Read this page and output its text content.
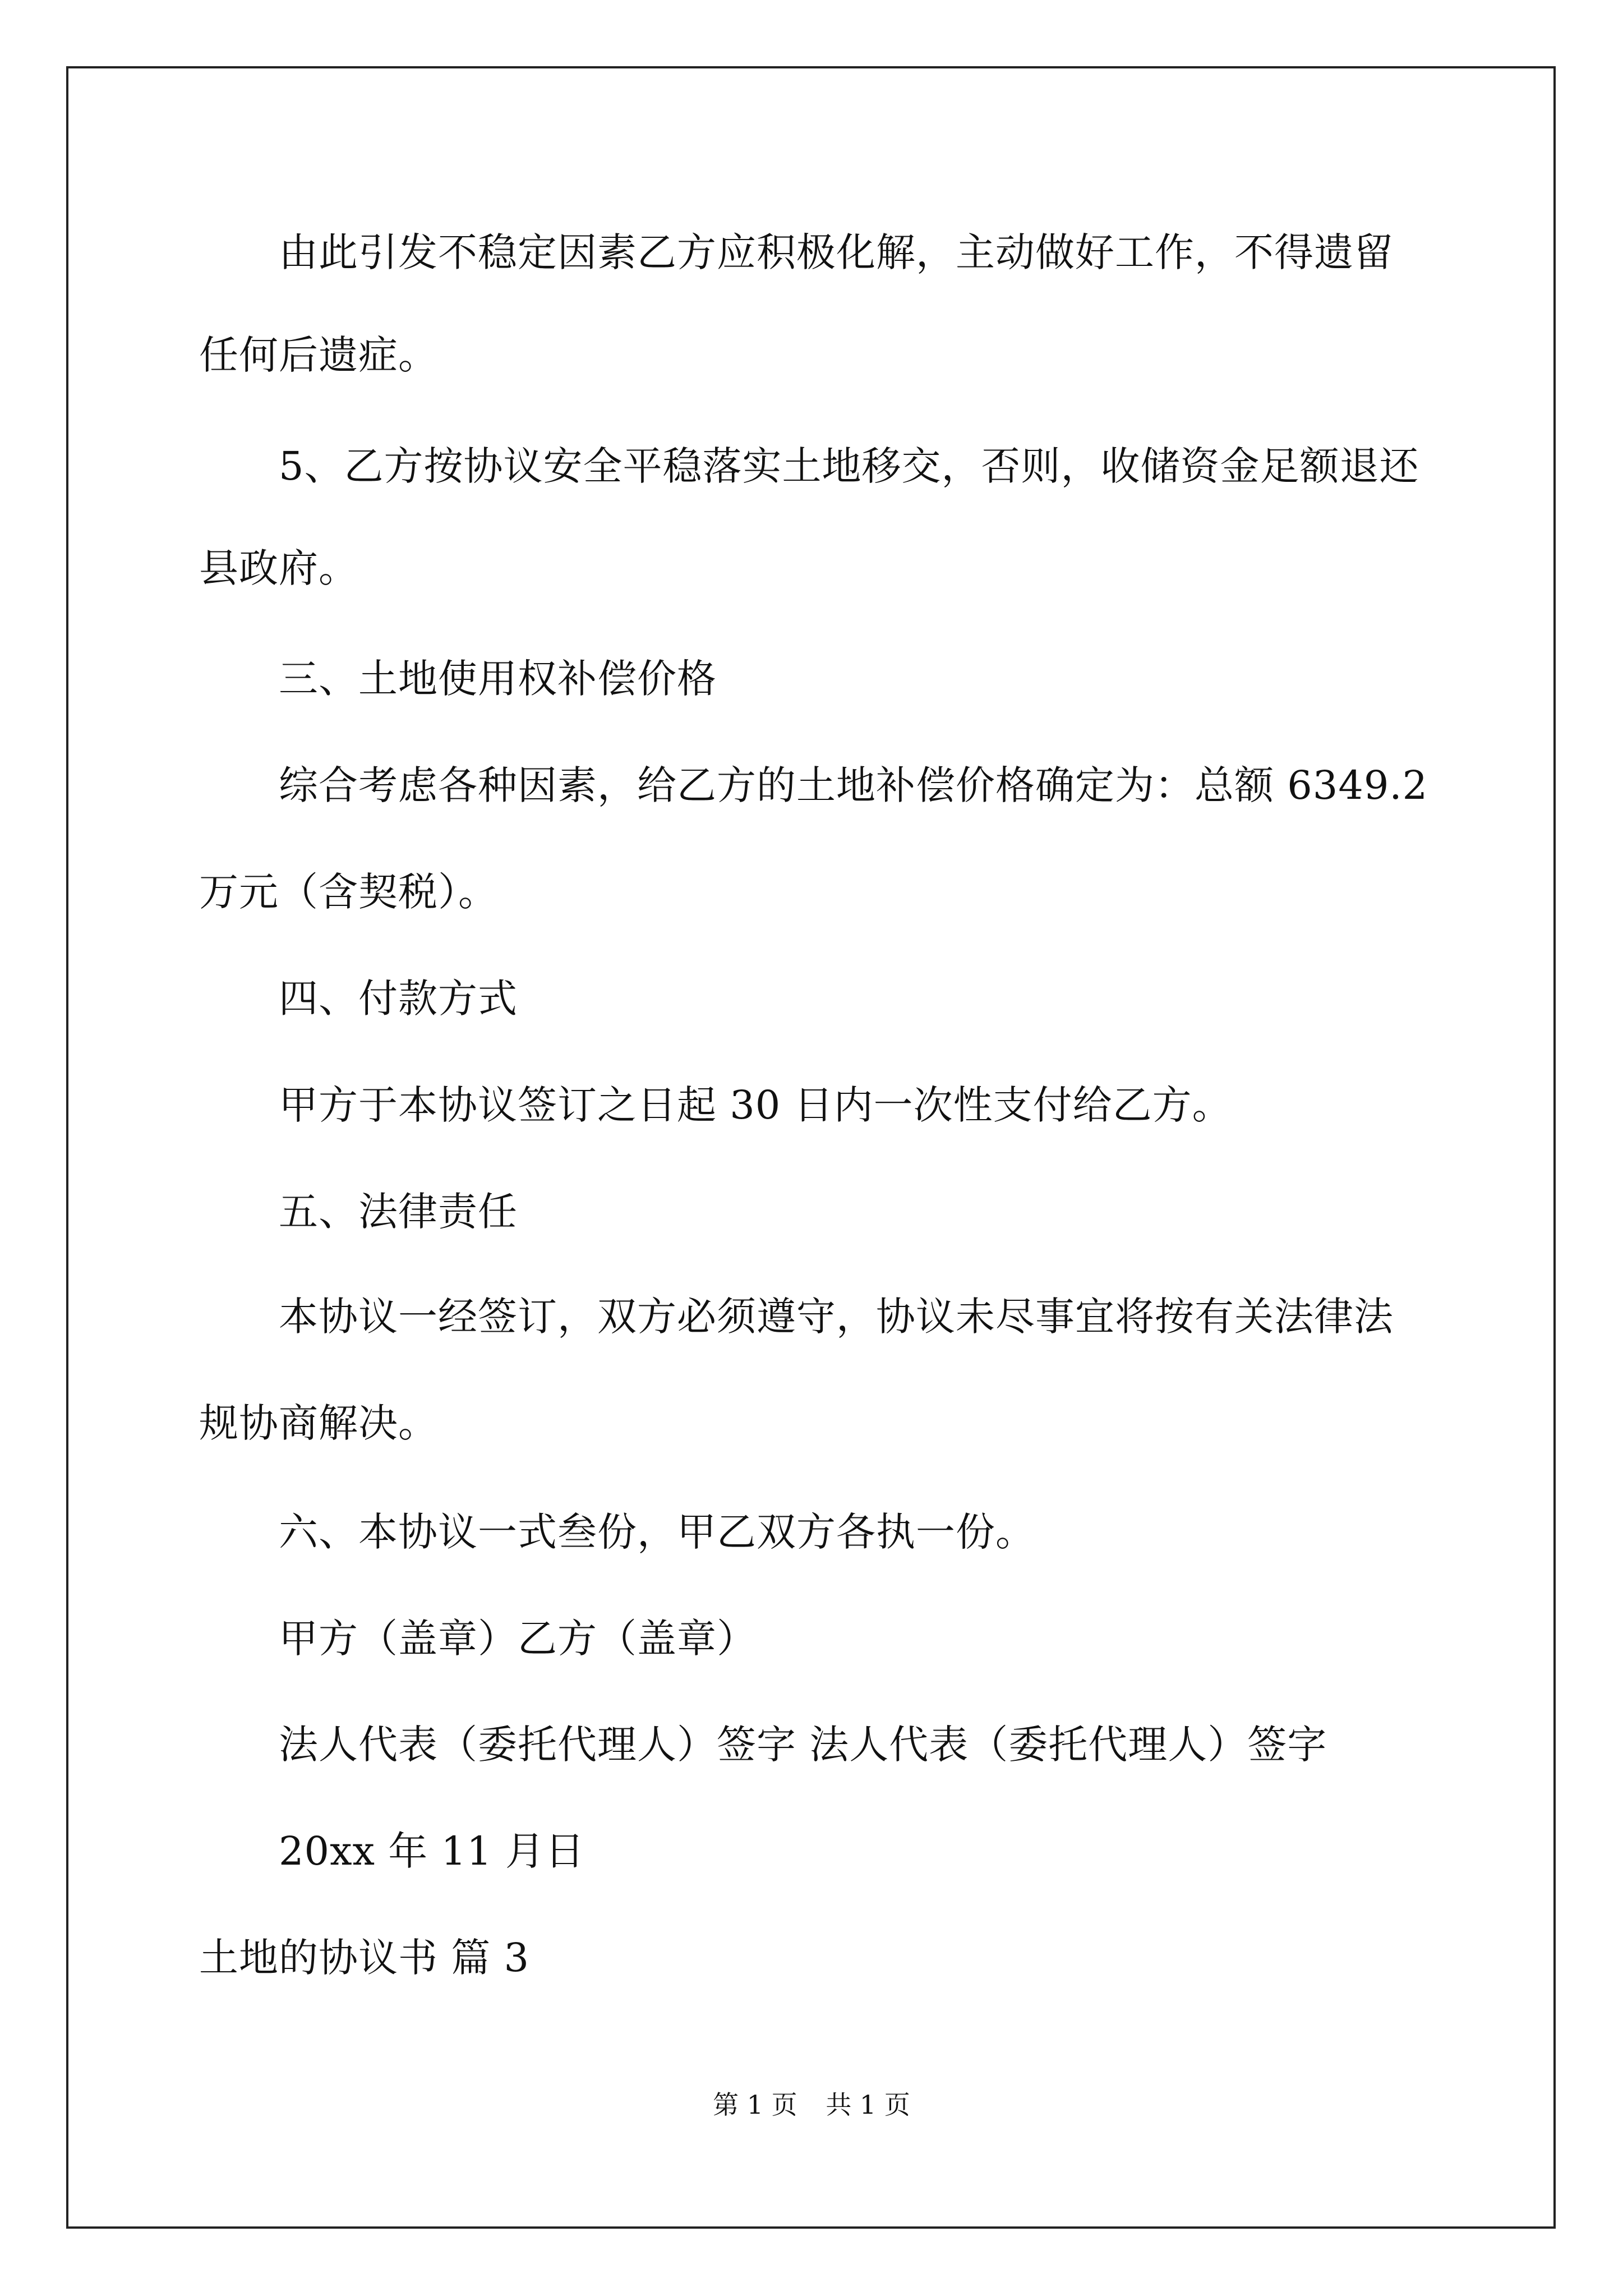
由此引发不稳定因素乙方应积极化解，主动做好工作，不得遗留
任何后遗症。
5、乙方按协议安全平稳落实土地移交，否则，收储资金足额退还
县政府。
三、土地使用权补偿价格
综合考虑各种因素，给乙方的土地补偿价格确定为：总额 6349.2
万元（含契税）。
四、付款方式
甲方于本协议签订之日起 30 日内一次性支付给乙方。
五、法律责任
本协议一经签订，双方必须遵守，协议未尽事宜将按有关法律法
规协商解决。
六、本协议一式叁份，甲乙双方各执一份。
甲方（盖章）乙方（盖章）
法人代表（委托代理人）签字 法人代表（委托代理人）签字
20xx 年 11 月日
土地的协议书 篇 3
第 1 页 共 1 页
